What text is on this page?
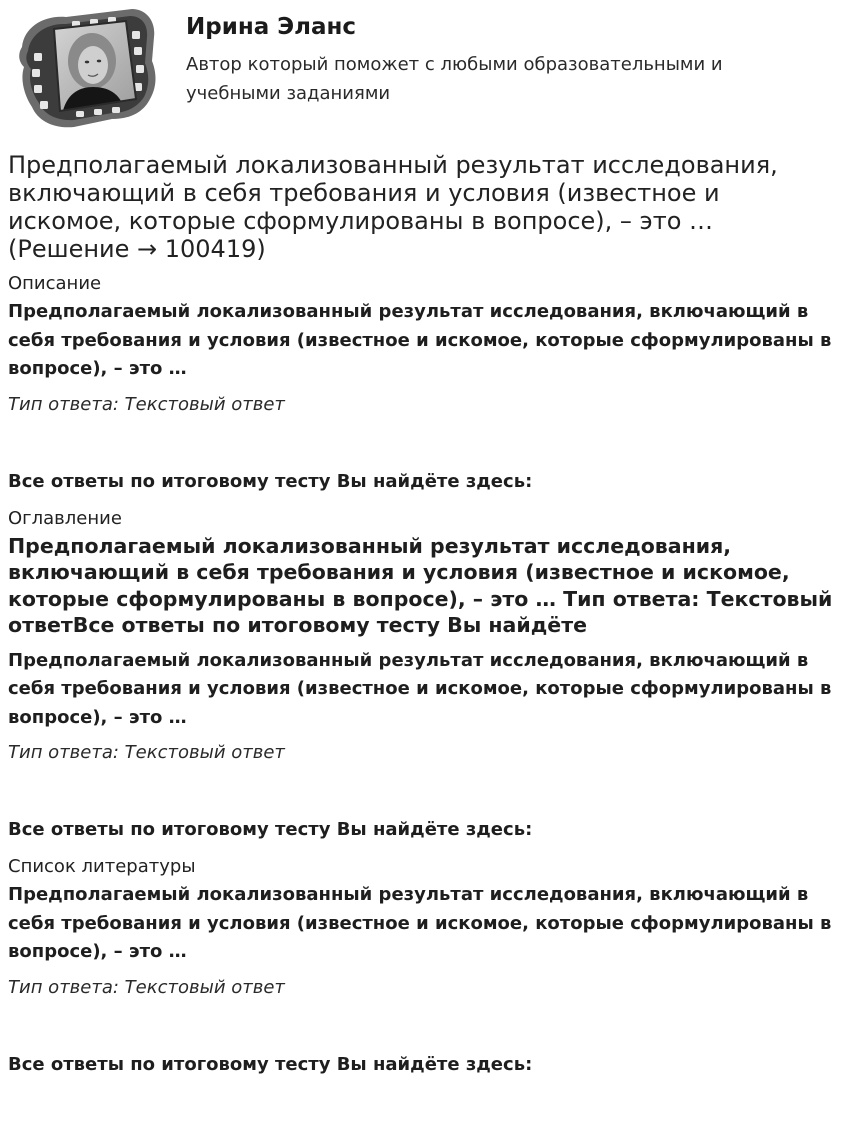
Ирина Эланс

Автор который поможет с любыми образовательными и учебными заданиями

Предполагаемый локализованный результат исследования, включающий в себя требования и условия (известное и искомое, которые сформулированы в вопросе), – это … (Решение → 100419)
Описание

Предполагаемый локализованный результат исследования, включающий в себя требования и условия (известное и искомое, которые сформулированы в вопросе), – это …

Тип ответа: Текстовый ответ

Все ответы по итоговому тесту Вы найдёте здесь:

Оглавление
Предполагаемый локализованный результат исследования, включающий в себя требования и условия (известное и искомое, которые сформулированы в вопросе), – это … Тип ответа: Текстовый ответВсе ответы по итоговому тесту Вы найдёте

Предполагаемый локализованный результат исследования, включающий в себя требования и условия (известное и искомое, которые сформулированы в вопросе), – это …

Тип ответа: Текстовый ответ

Все ответы по итоговому тесту Вы найдёте здесь:

Список литературы

Предполагаемый локализованный результат исследования, включающий в себя требования и условия (известное и искомое, которые сформулированы в вопросе), – это …

Тип ответа: Текстовый ответ

Все ответы по итоговому тесту Вы найдёте здесь:
